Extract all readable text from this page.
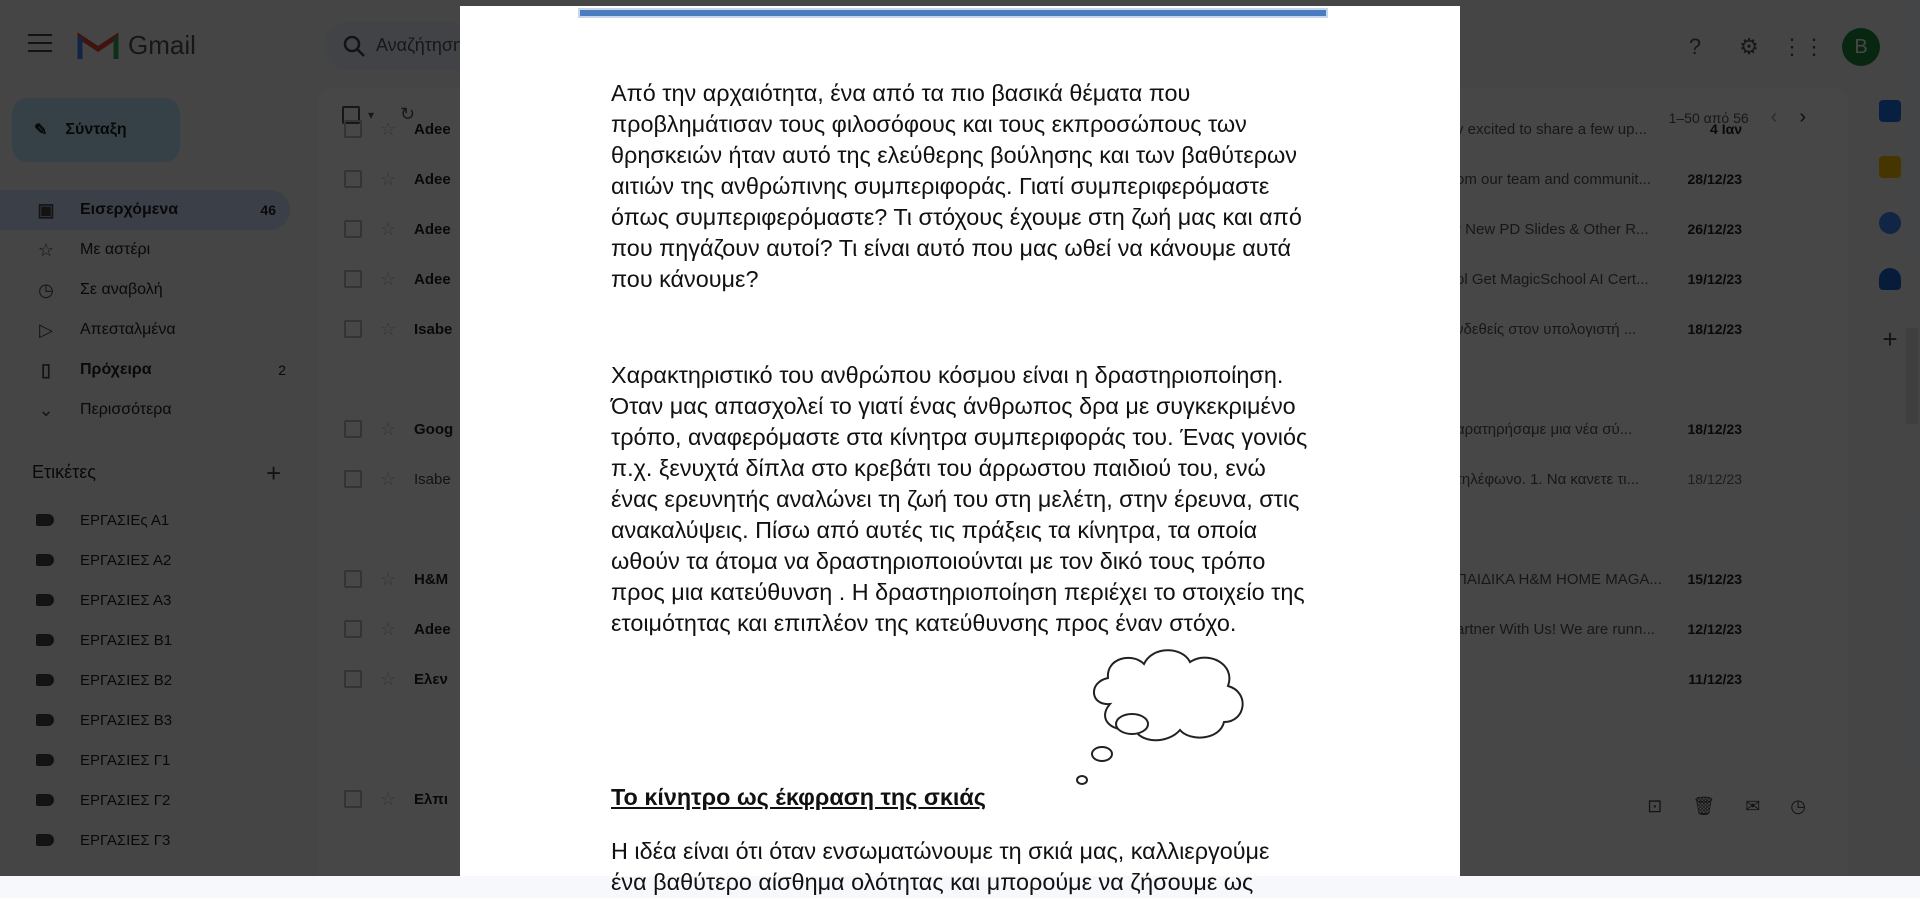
Από την αρχαιότητα, ένα από τα πιο βασικά θέματα που προβλημάτισαν τους φιλοσόφους και τους εκπροσώπους των θρησκειών ήταν αυτό της ελεύθερης βούλησης και των βαθύτερων αιτιών της ανθρώπινης συμπεριφοράς. Γιατί συμπεριφερόμαστε όπως συμπεριφερόμαστε? Τι στόχους έχουμε στη ζωή μας και από που πηγάζουν αυτοί? Τι είναι αυτό που μας ωθεί να κάνουμε αυτά που κάνουμε?

Χαρακτηριστικό του ανθρώπου κόσμου είναι η δραστηριοποίηση. Όταν μας απασχολεί το γιατί ένας άνθρωπος δρα με συγκεκριμένο τρόπο, αναφερόμαστε στα κίνητρα συμπεριφοράς του. Ένας γονιός π.χ. ξενυχτά δίπλα στο κρεβάτι του άρρωστου παιδιού του, ενώ ένας ερευνητής αναλώνει τη ζωή του στη μελέτη, στην έρευνα, στις ανακαλύψεις. Πίσω από αυτές τις πράξεις τα κίνητρα, τα οποία ωθούν τα άτομα να δραστηριοποιούνται με τον δικό τους τρόπο προς μια κατεύθυνση . Η δραστηριοποίηση περιέχει το στοιχείο της ετοιμότητας και επιπλέον της κατεύθυνσης προς έναν στόχο.

Το κίνητρο ως έκφραση της σκιάς

Η ιδέα είναι ότι όταν ενσωματώνουμε τη σκιά μας, καλλιεργούμε ένα βαθύτερο αίσθημα ολότητας και μπορούμε να ζήσουμε ως
